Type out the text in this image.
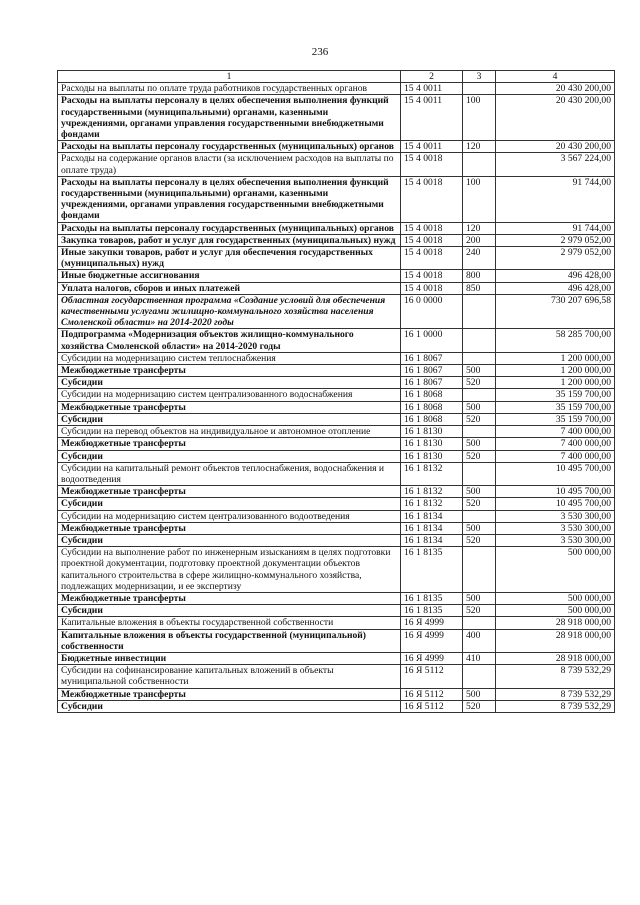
236
1	2	3	4
Расходы на выплаты по оплате труда работников государственных органов	15 4 0011		20 430 200,00
Расходы на выплаты персоналу в целях обеспечения выполнения функций государственными (муниципальными) органами, казенными учреждениями, органами управления государственными внебюджетными фондами	15 4 0011	100	20 430 200,00
Расходы на выплаты персоналу государственных (муниципальных) органов	15 4 0011	120	20 430 200,00
Расходы на содержание органов власти (за исключением расходов на выплаты по оплате труда)	15 4 0018		3 567 224,00
Расходы на выплаты персоналу в целях обеспечения выполнения функций государственными (муниципальными) органами, казенными учреждениями, органами управления государственными внебюджетными фондами	15 4 0018	100	91 744,00
Расходы на выплаты персоналу государственных (муниципальных) органов	15 4 0018	120	91 744,00
Закупка товаров, работ и услуг для государственных (муниципальных) нужд	15 4 0018	200	2 979 052,00
Иные закупки товаров, работ и услуг для обеспечения государственных (муниципальных) нужд	15 4 0018	240	2 979 052,00
Иные бюджетные ассигнования	15 4 0018	800	496 428,00
Уплата налогов, сборов и иных платежей	15 4 0018	850	496 428,00
Областная государственная программа «Создание условий для обеспечения качественными услугами жилищно-коммунального хозяйства населения Смоленской области» на 2014-2020 годы	16 0 0000		730 207 696,58
Подпрограмма «Модернизация объектов жилищно-коммунального хозяйства Смоленской области» на 2014-2020 годы	16 1 0000		58 285 700,00
Субсидии на модернизацию систем теплоснабжения	16 1 8067		1 200 000,00
Межбюджетные трансферты	16 1 8067	500	1 200 000,00
Субсидии	16 1 8067	520	1 200 000,00
Субсидии на модернизацию систем централизованного водоснабжения	16 1 8068		35 159 700,00
Межбюджетные трансферты	16 1 8068	500	35 159 700,00
Субсидии	16 1 8068	520	35 159 700,00
Субсидии на перевод объектов на индивидуальное и автономное отопление	16 1 8130		7 400 000,00
Межбюджетные трансферты	16 1 8130	500	7 400 000,00
Субсидии	16 1 8130	520	7 400 000,00
Субсидии на капитальный ремонт объектов теплоснабжения, водоснабжения и водоотведения	16 1 8132		10 495 700,00
Межбюджетные трансферты	16 1 8132	500	10 495 700,00
Субсидии	16 1 8132	520	10 495 700,00
Субсидии на модернизацию систем централизованного водоотведения	16 1 8134		3 530 300,00
Межбюджетные трансферты	16 1 8134	500	3 530 300,00
Субсидии	16 1 8134	520	3 530 300,00
Субсидии на выполнение работ по инженерным изысканиям в целях подготовки проектной документации, подготовку проектной документации объектов капитального строительства в сфере жилищно-коммунального хозяйства, подлежащих модернизации, и ее экспертизу	16 1 8135		500 000,00
Межбюджетные трансферты	16 1 8135	500	500 000,00
Субсидии	16 1 8135	520	500 000,00
Капитальные вложения в объекты государственной собственности	16 Я 4999		28 918 000,00
Капитальные вложения в объекты государственной (муниципальной) собственности	16 Я 4999	400	28 918 000,00
Бюджетные инвестиции	16 Я 4999	410	28 918 000,00
Субсидии на софинансирование капитальных вложений в объекты муниципальной собственности	16 Я 5112		8 739 532,29
Межбюджетные трансферты	16 Я 5112	500	8 739 532,29
Субсидии	16 Я 5112	520	8 739 532,29
